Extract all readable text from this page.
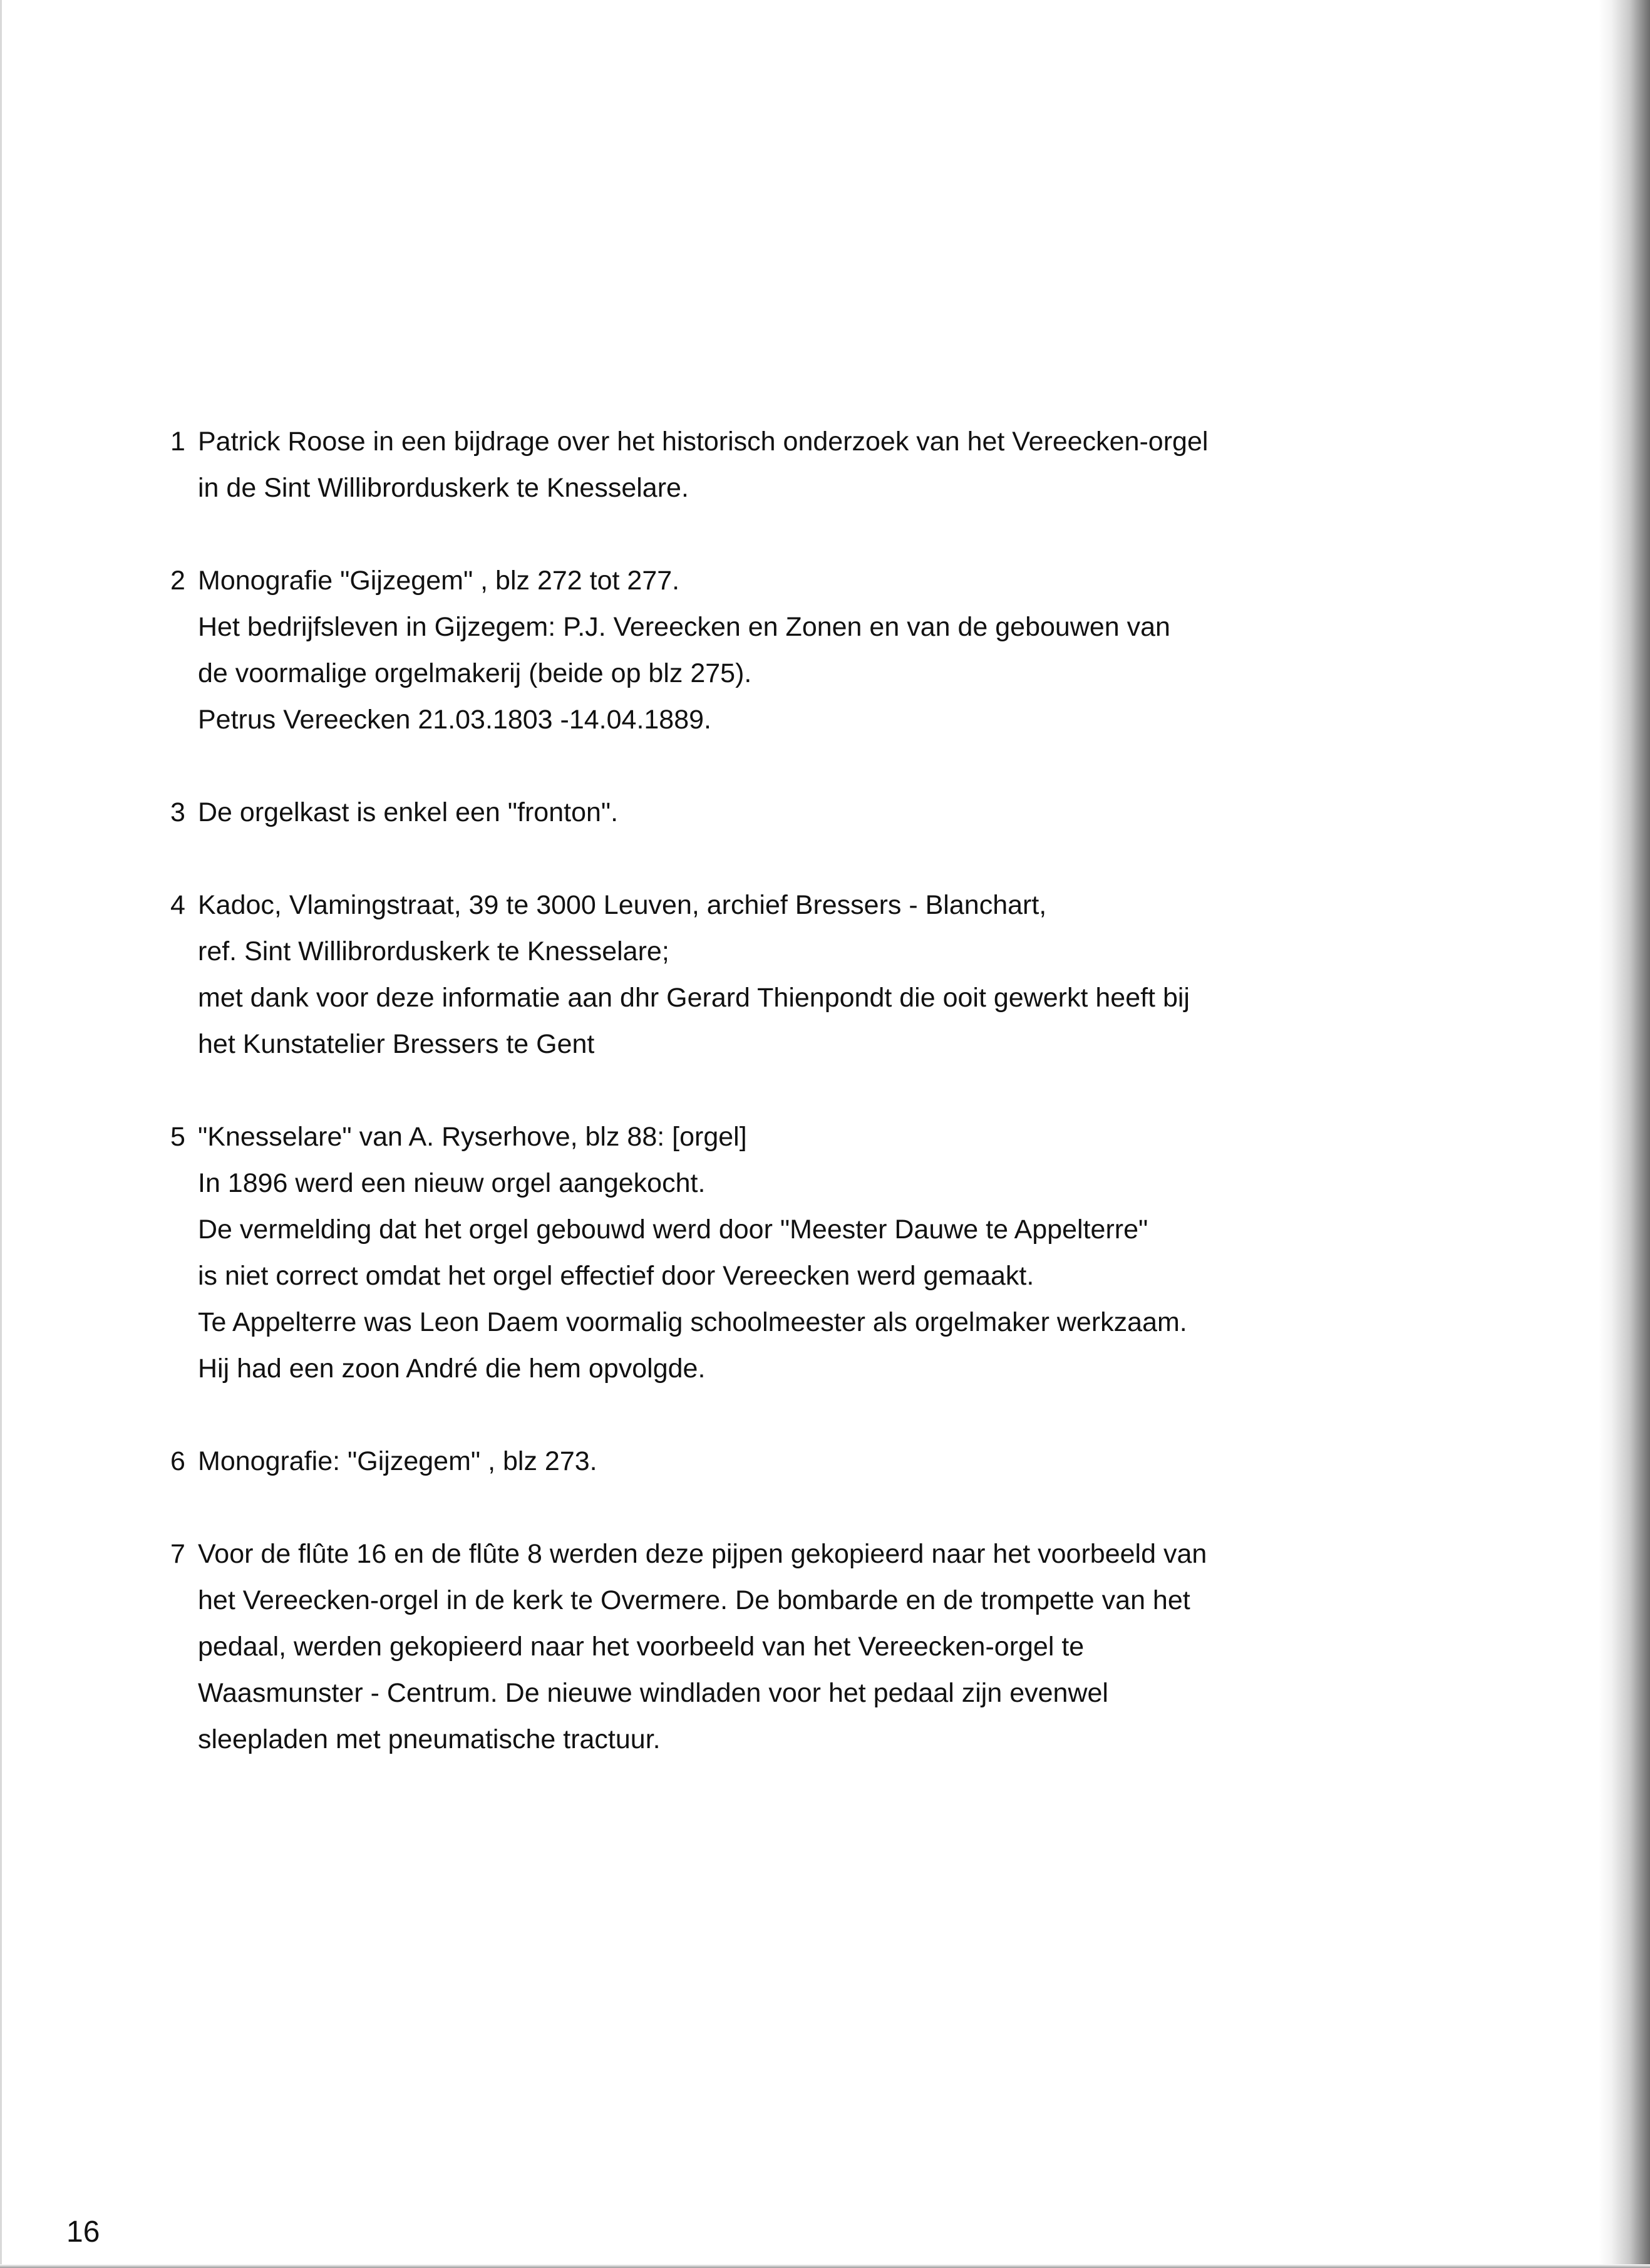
1 Patrick Roose in een bijdrage over het historisch onderzoek van het Vereecken-orgel
in de Sint Willibrorduskerk te Knesselare.
2 Monografie "Gijzegem" , blz 272 tot 277.
Het bedrijfsleven in Gijzegem: P.J. Vereecken en Zonen en van de gebouwen van
de voormalige orgelmakerij (beide op blz 275).
Petrus Vereecken 21.03.1803 -14.04.1889.
3 De orgelkast is enkel een "fronton".
4 Kadoc, Vlamingstraat, 39 te 3000 Leuven, archief Bressers - Blanchart,
ref. Sint Willibrorduskerk te Knesselare;
met dank voor deze informatie aan dhr Gerard Thienpondt die ooit gewerkt heeft bij
het Kunstatelier Bressers te Gent
5 "Knesselare" van A. Ryserhove, blz 88: [orgel]
In 1896 werd een nieuw orgel aangekocht.
De vermelding dat het orgel gebouwd werd door "Meester Dauwe te Appelterre"
is niet correct omdat het orgel effectief door Vereecken werd gemaakt.
Te Appelterre was Leon Daem voormalig schoolmeester als orgelmaker werkzaam.
Hij had een zoon André die hem opvolgde.
6 Monografie: "Gijzegem" , blz 273.
7 Voor de flûte 16 en de flûte 8 werden deze pijpen gekopieerd naar het voorbeeld van
het Vereecken-orgel in de kerk te Overmere. De bombarde en de trompette van het
pedaal, werden gekopieerd naar het voorbeeld van het Vereecken-orgel te
Waasmunster - Centrum. De nieuwe windladen voor het pedaal zijn evenwel
sleepladen met pneumatische tractuur.
16
